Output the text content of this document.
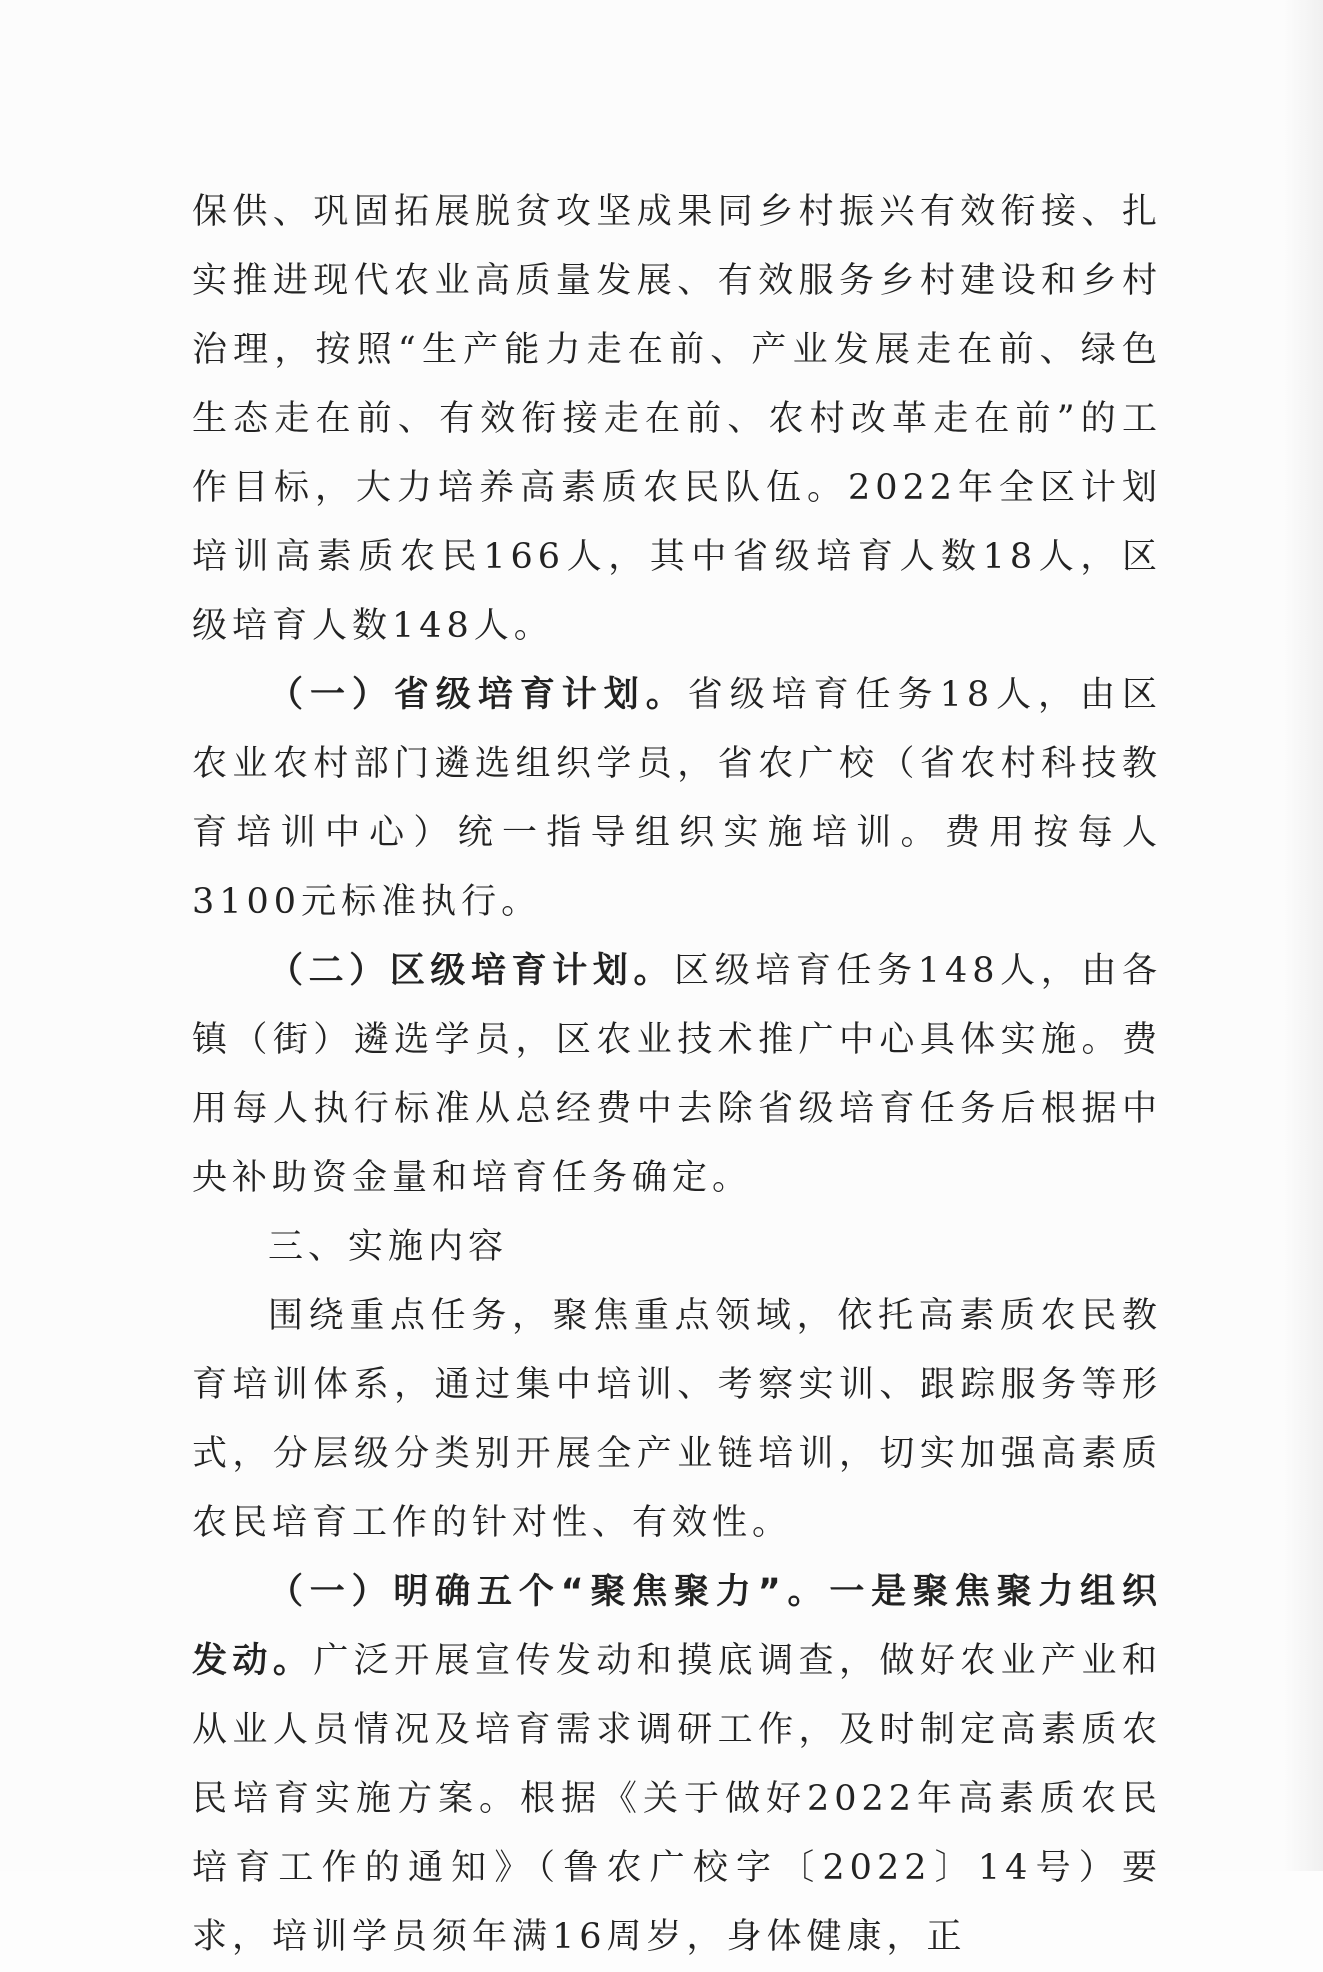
保供、巩固拓展脱贫攻坚成果同乡村振兴有效衔接、扎实推进现代农业高质量发展、有效服务乡村建设和乡村治理，按照“生产能力走在前、产业发展走在前、绿色生态走在前、有效衔接走在前、农村改革走在前”的工作目标，大力培养高素质农民队伍。2022年全区计划培训高素质农民166人，其中省级培育人数18人，区级培育人数148人。

（一）省级培育计划。省级培育任务18人，由区农业农村部门遴选组织学员，省农广校（省农村科技教育培训中心）统一指导组织实施培训。费用按每人3100元标准执行。

（二）区级培育计划。区级培育任务148人，由各镇（街）遴选学员，区农业技术推广中心具体实施。费用每人执行标准从总经费中去除省级培育任务后根据中央补助资金量和培育任务确定。

三、实施内容

围绕重点任务，聚焦重点领域，依托高素质农民教育培训体系，通过集中培训、考察实训、跟踪服务等形式，分层级分类别开展全产业链培训，切实加强高素质农民培育工作的针对性、有效性。

（一）明确五个“聚焦聚力”。一是聚焦聚力组织发动。广泛开展宣传发动和摸底调查，做好农业产业和从业人员情况及培育需求调研工作，及时制定高素质农民培育实施方案。根据《关于做好2022年高素质农民培育工作的通知》（鲁农广校字〔2022〕14号）要求，培训学员须年满16周岁，身体健康，正
